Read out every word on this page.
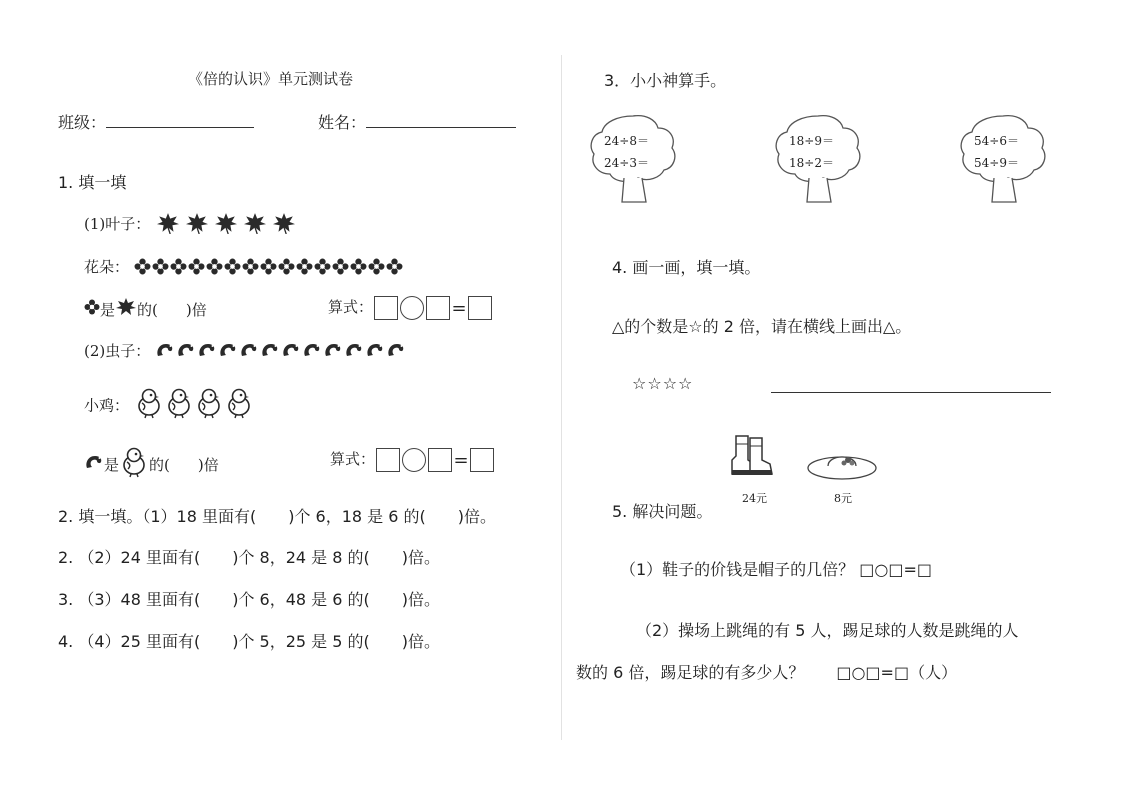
《倍的认识》单元测试卷
班级：	姓名：
1. 填一填
(1)叶子：
花朵：
是 的( )倍	算式：	=
(2)虫子：
小鸡：
是 的( )倍	算式：	=
2. 填一填。（1）18 里面有(　　)个 6，18 是 6 的(　　)倍。
2. （2）24 里面有(　　)个 8，24 是 8 的(　　)倍。
3. （3）48 里面有(　　)个 6，48 是 6 的(　　)倍。
4. （4）25 里面有(　　)个 5，25 是 5 的(　　)倍。
3．小小神算手。
24÷8＝
24÷3＝
18÷9＝
18÷2＝
54÷6＝
54÷9＝
4. 画一画，填一填。
△的个数是☆的 2 倍，请在横线上画出△。
☆☆☆☆
24元	8元
5. 解决问题。
（1）鞋子的价钱是帽子的几倍？ □○□=□
（2）操场上跳绳的有 5 人，踢足球的人数是跳绳的人
数的 6 倍，踢足球的有多少人？　　□○□=□（人）
